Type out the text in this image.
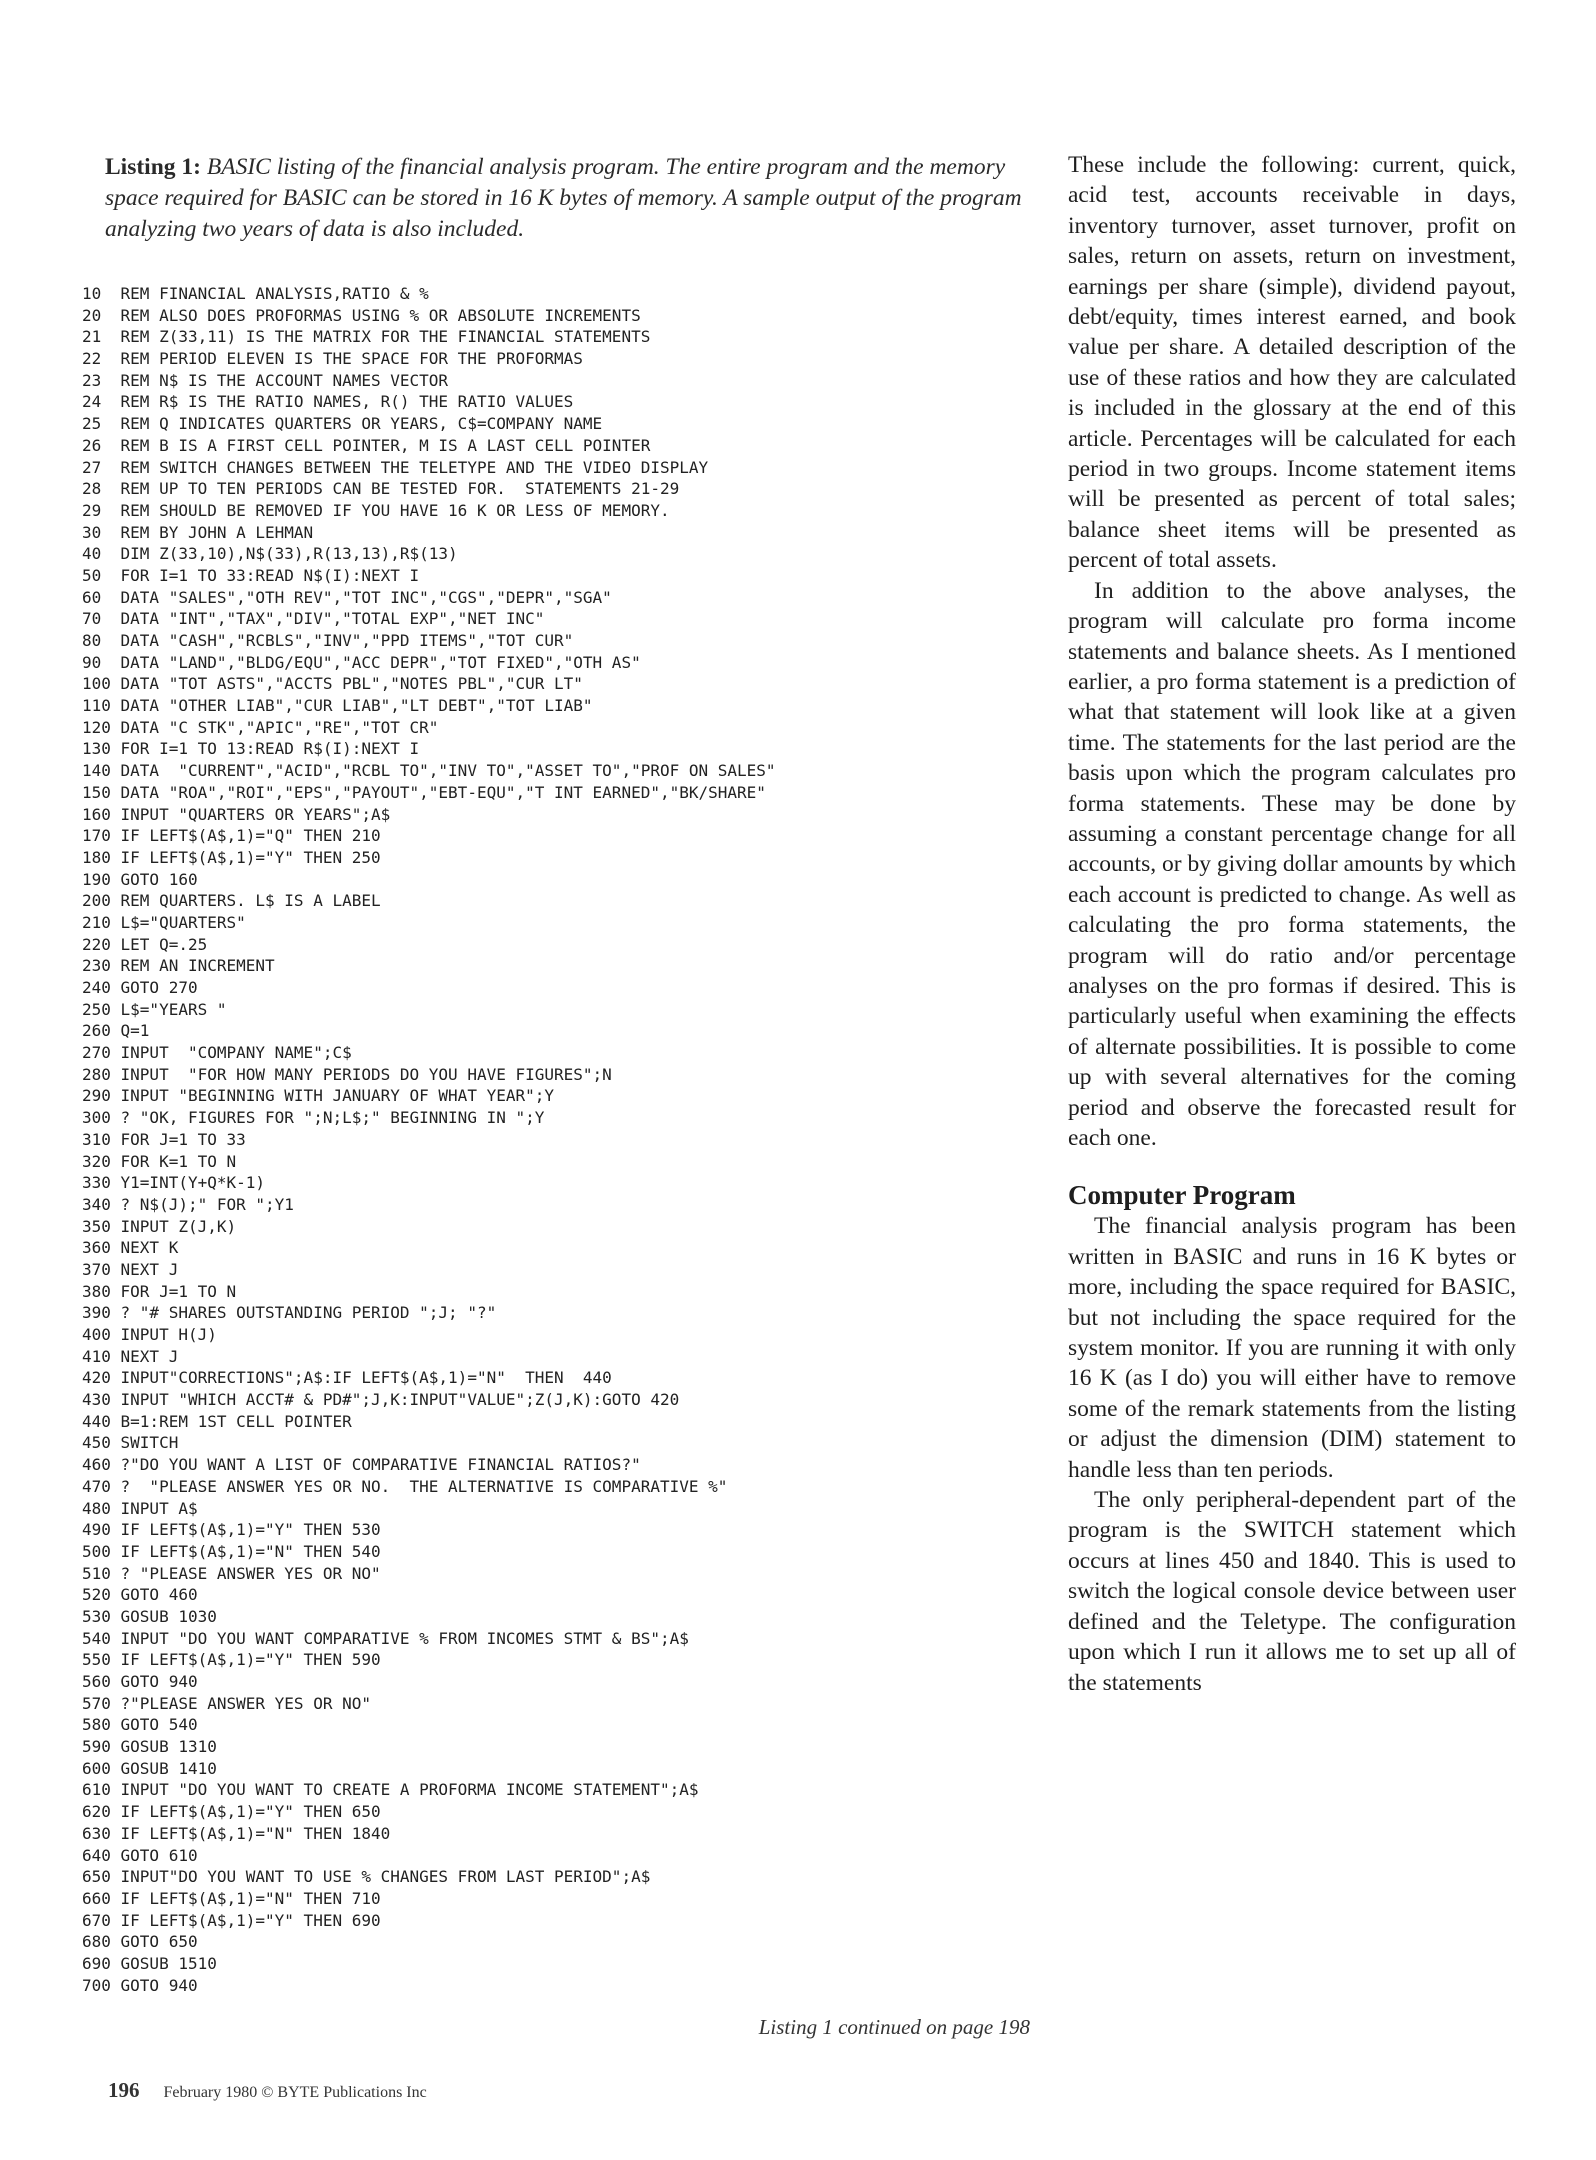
Listing 1: BASIC listing of the financial analysis program. The entire program and the memory space required for BASIC can be stored in 16 K bytes of memory. A sample output of the program analyzing two years of data is also included.
10  REM FINANCIAL ANALYSIS,RATIO & %
20  REM ALSO DOES PROFORMAS USING % OR ABSOLUTE INCREMENTS
21  REM Z(33,11) IS THE MATRIX FOR THE FINANCIAL STATEMENTS
22  REM PERIOD ELEVEN IS THE SPACE FOR THE PROFORMAS
23  REM N$ IS THE ACCOUNT NAMES VECTOR
24  REM R$ IS THE RATIO NAMES, R() THE RATIO VALUES
25  REM Q INDICATES QUARTERS OR YEARS, C$=COMPANY NAME
26  REM B IS A FIRST CELL POINTER, M IS A LAST CELL POINTER
27  REM SWITCH CHANGES BETWEEN THE TELETYPE AND THE VIDEO DISPLAY
28  REM UP TO TEN PERIODS CAN BE TESTED FOR.  STATEMENTS 21-29
29  REM SHOULD BE REMOVED IF YOU HAVE 16 K OR LESS OF MEMORY.
30  REM BY JOHN A LEHMAN
40  DIM Z(33,10),N$(33),R(13,13),R$(13)
50  FOR I=1 TO 33:READ N$(I):NEXT I
60  DATA "SALES","OTH REV","TOT INC","CGS","DEPR","SGA"
70  DATA "INT","TAX","DIV","TOTAL EXP","NET INC"
80  DATA "CASH","RCBLS","INV","PPD ITEMS","TOT CUR"
90  DATA "LAND","BLDG/EQU","ACC DEPR","TOT FIXED","OTH AS"
100 DATA "TOT ASTS","ACCTS PBL","NOTES PBL","CUR LT"
110 DATA "OTHER LIAB","CUR LIAB","LT DEBT","TOT LIAB"
120 DATA "C STK","APIC","RE","TOT CR"
130 FOR I=1 TO 13:READ R$(I):NEXT I
140 DATA  "CURRENT","ACID","RCBL TO","INV TO","ASSET TO","PROF ON SALES"
150 DATA "ROA","ROI","EPS","PAYOUT","EBT-EQU","T INT EARNED","BK/SHARE"
160 INPUT "QUARTERS OR YEARS";A$
170 IF LEFT$(A$,1)="Q" THEN 210
180 IF LEFT$(A$,1)="Y" THEN 250
190 GOTO 160
200 REM QUARTERS. L$ IS A LABEL
210 L$="QUARTERS"
220 LET Q=.25
230 REM AN INCREMENT
240 GOTO 270
250 L$="YEARS "
260 Q=1
270 INPUT  "COMPANY NAME";C$
280 INPUT  "FOR HOW MANY PERIODS DO YOU HAVE FIGURES";N
290 INPUT "BEGINNING WITH JANUARY OF WHAT YEAR";Y
300 ? "OK, FIGURES FOR ";N;L$;" BEGINNING IN ";Y
310 FOR J=1 TO 33
320 FOR K=1 TO N
330 Y1=INT(Y+Q*K-1)
340 ? N$(J);" FOR ";Y1
350 INPUT Z(J,K)
360 NEXT K
370 NEXT J
380 FOR J=1 TO N
390 ? "# SHARES OUTSTANDING PERIOD ";J; "?"
400 INPUT H(J)
410 NEXT J
420 INPUT"CORRECTIONS";A$:IF LEFT$(A$,1)="N"  THEN  440
430 INPUT "WHICH ACCT# & PD#";J,K:INPUT"VALUE";Z(J,K):GOTO 420
440 B=1:REM 1ST CELL POINTER
450 SWITCH
460 ?"DO YOU WANT A LIST OF COMPARATIVE FINANCIAL RATIOS?"
470 ?  "PLEASE ANSWER YES OR NO.  THE ALTERNATIVE IS COMPARATIVE %"
480 INPUT A$
490 IF LEFT$(A$,1)="Y" THEN 530
500 IF LEFT$(A$,1)="N" THEN 540
510 ? "PLEASE ANSWER YES OR NO"
520 GOTO 460
530 GOSUB 1030
540 INPUT "DO YOU WANT COMPARATIVE % FROM INCOMES STMT & BS";A$
550 IF LEFT$(A$,1)="Y" THEN 590
560 GOTO 940
570 ?"PLEASE ANSWER YES OR NO"
580 GOTO 540
590 GOSUB 1310
600 GOSUB 1410
610 INPUT "DO YOU WANT TO CREATE A PROFORMA INCOME STATEMENT";A$
620 IF LEFT$(A$,1)="Y" THEN 650
630 IF LEFT$(A$,1)="N" THEN 1840
640 GOTO 610
650 INPUT"DO YOU WANT TO USE % CHANGES FROM LAST PERIOD";A$
660 IF LEFT$(A$,1)="N" THEN 710
670 IF LEFT$(A$,1)="Y" THEN 690
680 GOTO 650
690 GOSUB 1510
700 GOTO 940
Listing 1 continued on page 198

These include the following: current, quick, acid test, accounts receivable in days, inventory turnover, asset turnover, profit on sales, return on assets, return on investment, earnings per share (simple), dividend payout, debt/equity, times interest earned, and book value per share. A detailed description of the use of these ratios and how they are calculated is included in the glossary at the end of this article. Percentages will be calculated for each period in two groups. Income statement items will be presented as percent of total sales; balance sheet items will be presented as percent of total assets.

In addition to the above analyses, the program will calculate pro forma income statements and balance sheets. As I mentioned earlier, a pro forma statement is a prediction of what that statement will look like at a given time. The statements for the last period are the basis upon which the program calculates pro forma statements. These may be done by assuming a constant percentage change for all accounts, or by giving dollar amounts by which each account is predicted to change. As well as calculating the pro forma statements, the program will do ratio and/or percentage analyses on the pro formas if desired. This is particularly useful when examining the effects of alternate possibilities. It is possible to come up with several alternatives for the coming period and observe the forecasted result for each one.

Computer Program

The financial analysis program has been written in BASIC and runs in 16 K bytes or more, including the space required for BASIC, but not including the space required for the system monitor. If you are running it with only 16 K (as I do) you will either have to remove some of the remark statements from the listing or adjust the dimension (DIM) statement to handle less than ten periods.

The only peripheral-dependent part of the program is the SWITCH statement which occurs at lines 450 and 1840. This is used to switch the logical console device between user defined and the Teletype. The configuration upon which I run it allows me to set up all of the statements

196 February 1980 © BYTE Publications Inc
